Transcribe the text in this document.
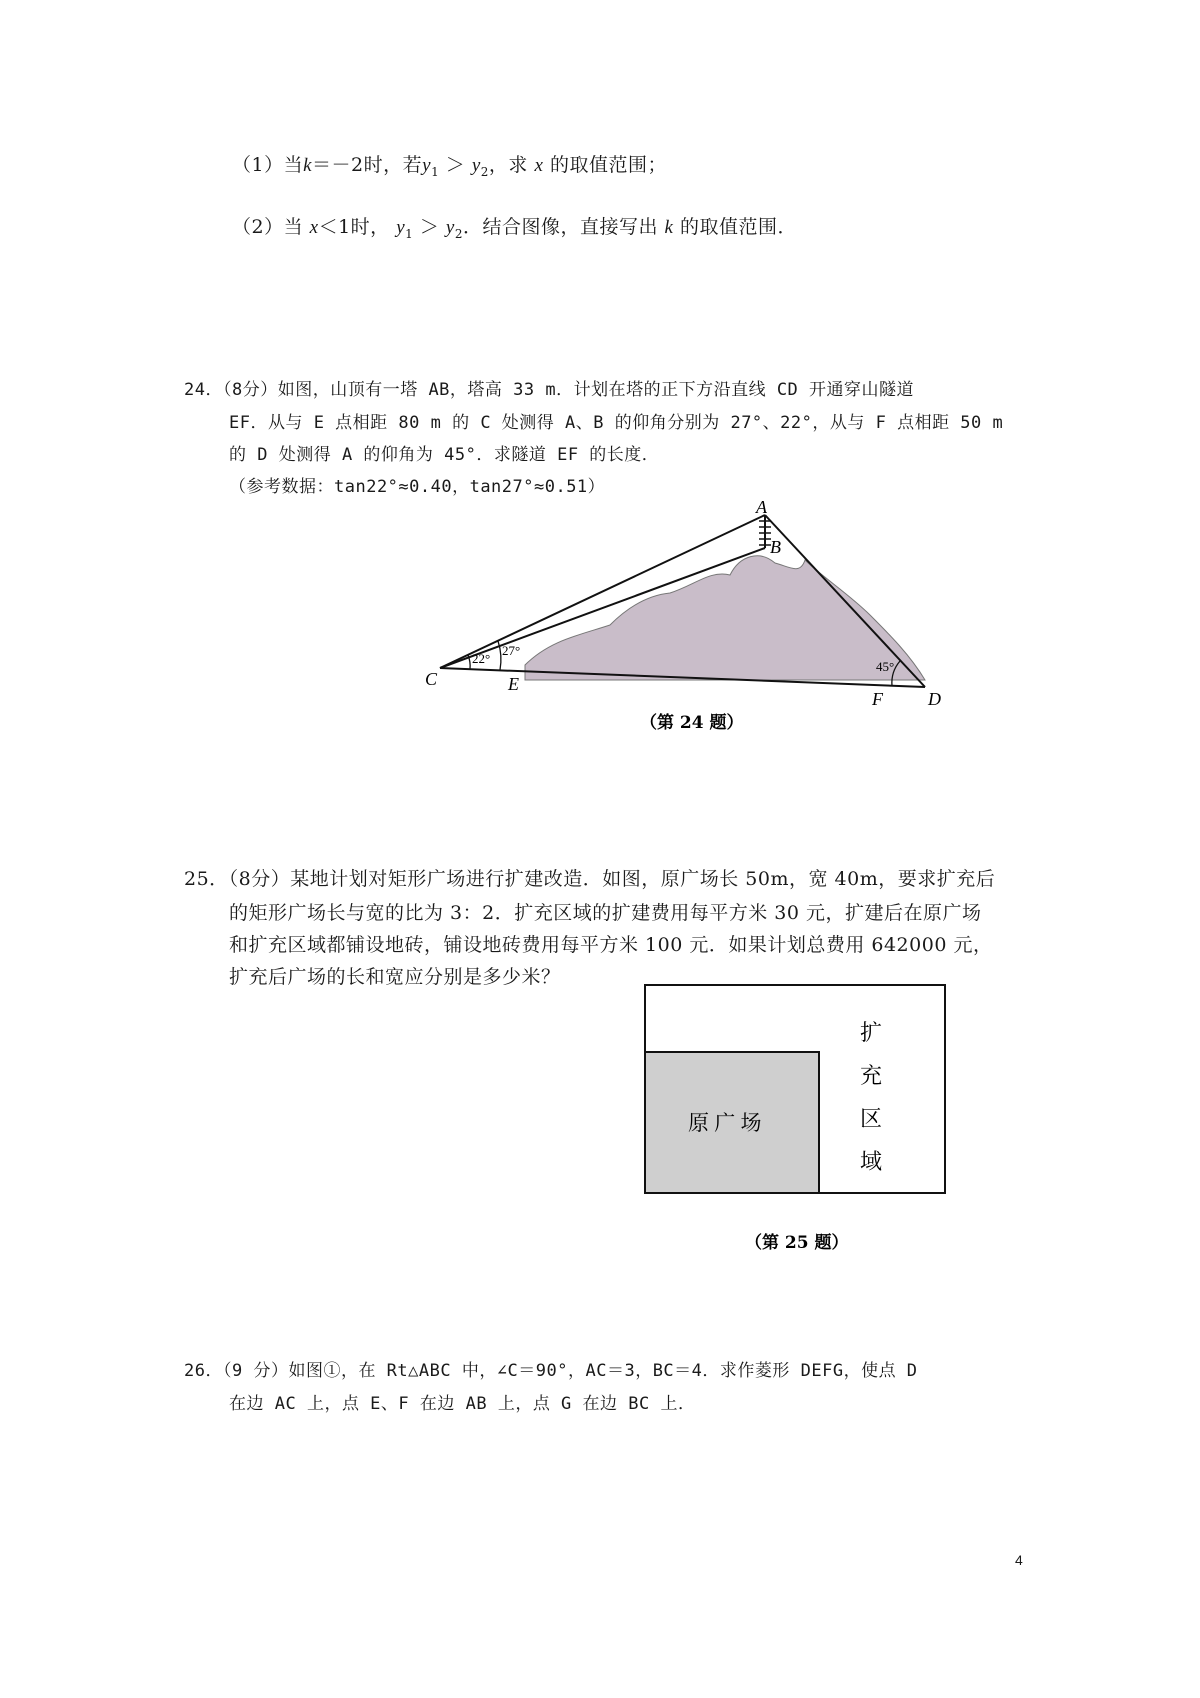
（1）当k＝－2时，若$y_1 > y_2$，求 x 的取值范围；
（2）当 x＜1时， $y_1 > y_2$．结合图像，直接写出 k 的取值范围．
24．（8分）如图，山顶有一塔 AB，塔高 33 m．计划在塔的正下方沿直线 CD 开通穿山隧道
EF．从与 E 点相距 80 m 的 C 处测得 A、B 的仰角分别为 27°、22°，从与 F 点相距 50 m
的 D 处测得 A 的仰角为 45°．求隧道 EF 的长度．
（参考数据：tan22°≈0.40，tan27°≈0.51）
22°
27°
45°
A
B
C	E
F	D
（第 24 题）
25．（8分）某地计划对矩形广场进行扩建改造．如图，原广场长 50m，宽 40m，要求扩充后
的矩形广场长与宽的比为 3：2．扩充区域的扩建费用每平方米 30 元，扩建后在原广场
和扩充区域都铺设地砖，铺设地砖费用每平方米 100 元．如果计划总费用 642000 元，
扩充后广场的长和宽应分别是多少米？
原 广 场
扩
充
区
域
（第 25 题）
26．（9 分）如图①，在 Rt△ABC 中，∠C＝90°，AC＝3，BC＝4．求作菱形 DEFG，使点 D
在边 AC 上，点 E、F 在边 AB 上，点 G 在边 BC 上．
4
